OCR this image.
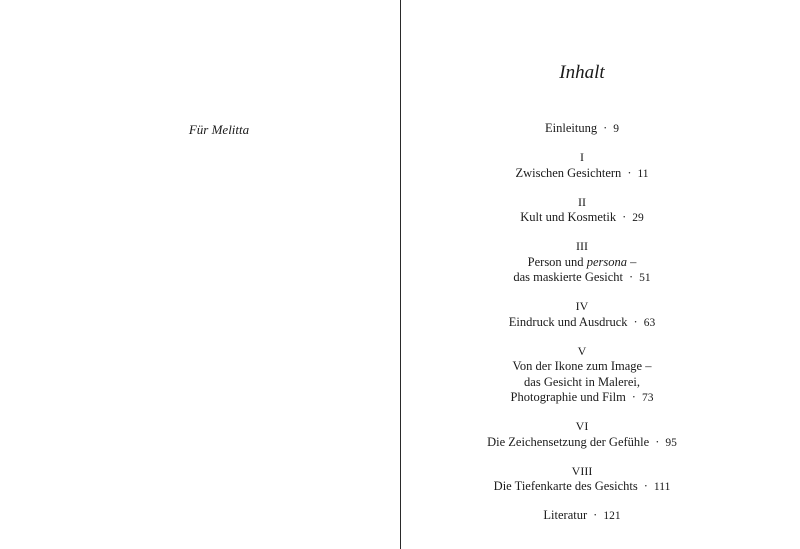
Für Melitta
Inhalt
Einleitung · 9
I
Zwischen Gesichtern · 11
II
Kult und Kosmetik · 29
III
Person und persona –
das maskierte Gesicht · 51
IV
Eindruck und Ausdruck · 63
V
Von der Ikone zum Image –
das Gesicht in Malerei,
Photographie und Film · 73
VI
Die Zeichensetzung der Gefühle · 95
VIII
Die Tiefenkarte des Gesichts · 111
Literatur · 121
